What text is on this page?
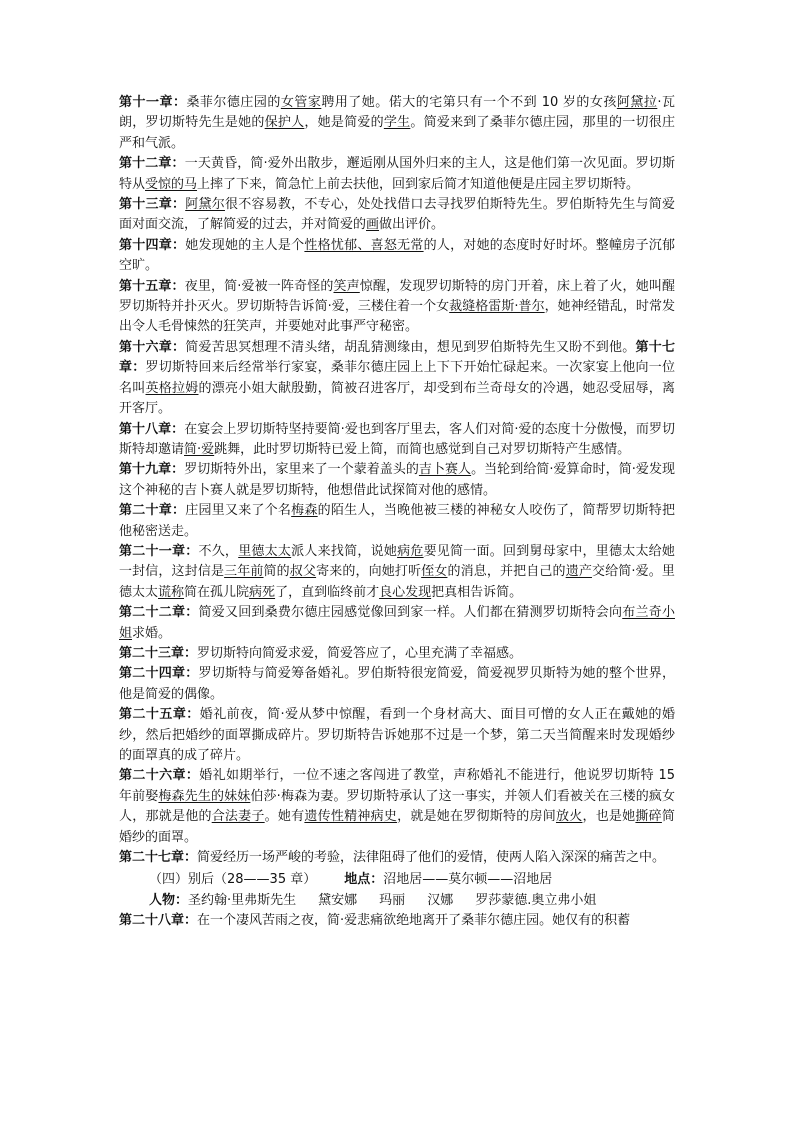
第十一章：桑菲尔德庄园的女管家聘用了她。偌大的宅第只有一个不到 10 岁的女孩阿黛拉·瓦朗，罗切斯特先生是她的保护人，她是简爱的学生。简爱来到了桑菲尔德庄园，那里的一切很庄严和气派。

第十二章：一天黄昏，简·爱外出散步，邂逅刚从国外归来的主人，这是他们第一次见面。罗切斯特从受惊的马上摔了下来，简急忙上前去扶他，回到家后简才知道他便是庄园主罗切斯特。

第十三章：阿黛尔很不容易教，不专心，处处找借口去寻找罗伯斯特先生。罗伯斯特先生与简爱面对面交流，了解简爱的过去，并对简爱的画做出评价。

第十四章：她发现她的主人是个性格忧郁、喜怒无常的人，对她的态度时好时坏。整幢房子沉郁空旷。

第十五章：夜里，简·爱被一阵奇怪的笑声惊醒，发现罗切斯特的房门开着，床上着了火，她叫醒罗切斯特并扑灭火。罗切斯特告诉简·爱，三楼住着一个女裁缝格雷斯·普尔，她神经错乱，时常发出令人毛骨悚然的狂笑声，并要她对此事严守秘密。

第十六章：简爱苦思冥想理不清头绪，胡乱猜测缘由，想见到罗伯斯特先生又盼不到他。第十七章：罗切斯特回来后经常举行家宴，桑菲尔德庄园上上下下开始忙碌起来。一次家宴上他向一位名叫英格拉姆的漂亮小姐大献殷勤，简被召进客厅，却受到布兰奇母女的冷遇，她忍受屈辱，离开客厅。

第十八章：在宴会上罗切斯特坚持要简·爱也到客厅里去，客人们对简·爱的态度十分傲慢，而罗切斯特却邀请简·爱跳舞，此时罗切斯特已爱上简，而简也感觉到自己对罗切斯特产生感情。

第十九章：罗切斯特外出，家里来了一个蒙着盖头的吉卜赛人。当轮到给简·爱算命时，简·爱发现这个神秘的吉卜赛人就是罗切斯特，他想借此试探简对他的感情。

第二十章：庄园里又来了个名梅森的陌生人，当晚他被三楼的神秘女人咬伤了，简帮罗切斯特把他秘密送走。

第二十一章：不久，里德太太派人来找简，说她病危要见简一面。回到舅母家中，里德太太给她一封信，这封信是三年前简的叔父寄来的，向她打听侄女的消息，并把自己的遗产交给简·爱。里德太太谎称简在孤儿院病死了，直到临终前才良心发现把真相告诉简。

第二十二章：简爱又回到桑费尔德庄园感觉像回到家一样。人们都在猜测罗切斯特会向布兰奇小姐求婚。

第二十三章：罗切斯特向简爱求爱，简爱答应了，心里充满了幸福感。

第二十四章：罗切斯特与简爱筹备婚礼。罗伯斯特很宠简爱，简爱视罗贝斯特为她的整个世界，他是简爱的偶像。

第二十五章：婚礼前夜，简·爱从梦中惊醒，看到一个身材高大、面目可憎的女人正在戴她的婚纱，然后把婚纱的面罩撕成碎片。罗切斯特告诉她那不过是一个梦，第二天当简醒来时发现婚纱的面罩真的成了碎片。

第二十六章：婚礼如期举行，一位不速之客闯进了教堂，声称婚礼不能进行，他说罗切斯特 15 年前娶梅森先生的妹妹伯莎·梅森为妻。罗切斯特承认了这一事实，并领人们看被关在三楼的疯女人，那就是他的合法妻子。她有遗传性精神病史，就是她在罗彻斯特的房间放火，也是她撕碎简婚纱的面罩。

第二十七章：简爱经历一场严峻的考验，法律阻碍了他们的爱情，使两人陷入深深的痛苦之中。

（四）别后（28——35 章） 地点：沼地居——莫尔顿——沼地居

人物：圣约翰·里弗斯先生 黛安娜 玛丽 汉娜 罗莎蒙德.奥立弗小姐

第二十八章：在一个凄风苦雨之夜，简·爱悲痛欲绝地离开了桑菲尔德庄园。她仅有的积蓄
